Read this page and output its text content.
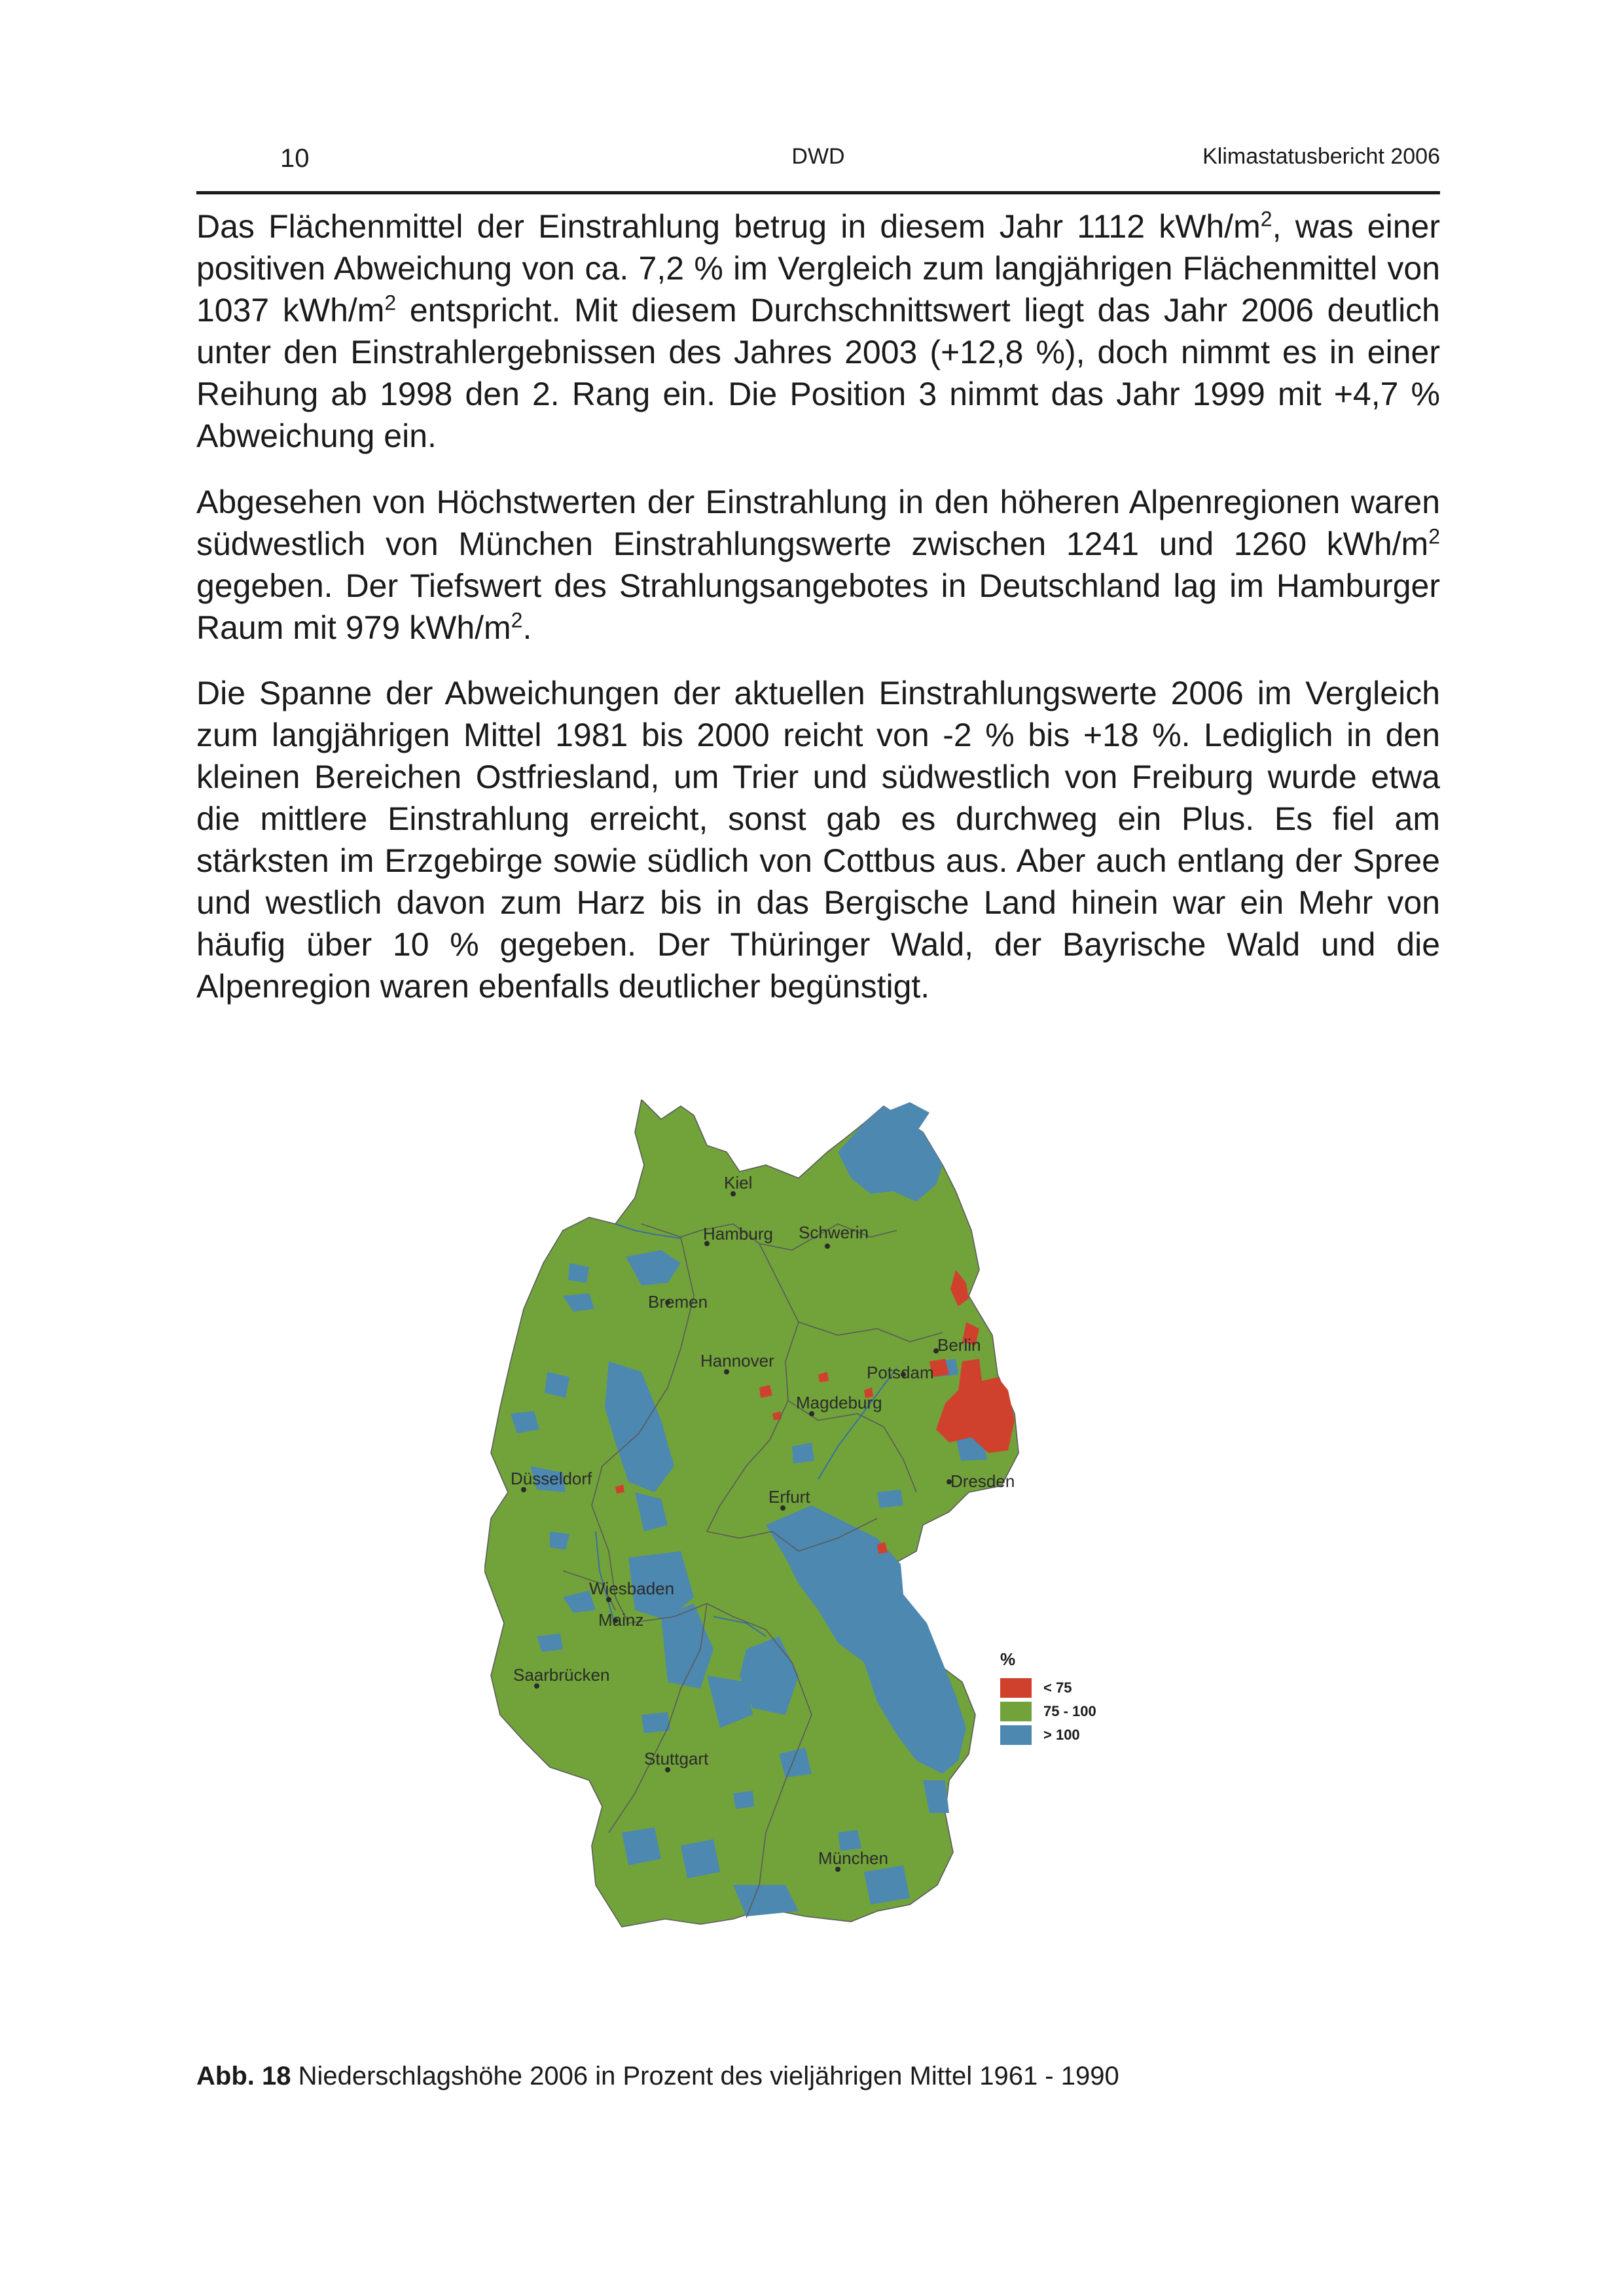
10	DWD	Klimastatusbericht 2006

Das Flächenmittel der Einstrahlung betrug in diesem Jahr 1112 kWh/$m^2$, was einer positiven Abweichung von ca. 7,2 % im Vergleich zum langjährigen Flächenmittel von 1037 kWh/$m^2$ entspricht. Mit diesem Durchschnittswert liegt das Jahr 2006 deutlich unter den Einstrahlergebnissen des Jahres 2003 (+12,8 %), doch nimmt es in einer Reihung ab 1998 den 2. Rang ein. Die Position 3 nimmt das Jahr 1999 mit +4,7 % Abweichung ein.

Abgesehen von Höchstwerten der Einstrahlung in den höheren Alpenregionen waren südwestlich von München Einstrahlungswerte zwischen 1241 und 1260 kWh/$m^2$ gegeben. Der Tiefswert des Strahlungsangebotes in Deutschland lag im Hamburger Raum mit 979 kWh/$m^2$.

Die Spanne der Abweichungen der aktuellen Einstrahlungswerte 2006 im Vergleich zum langjährigen Mittel 1981 bis 2000 reicht von -2 % bis +18 %. Lediglich in den kleinen Bereichen Ostfriesland, um Trier und südwestlich von Freiburg wurde etwa die mittlere Einstrahlung erreicht, sonst gab es durchweg ein Plus. Es fiel am stärksten im Erzgebirge sowie südlich von Cottbus aus. Aber auch entlang der Spree und westlich davon zum Harz bis in das Bergische Land hinein war ein Mehr von häufig über 10 % gegeben. Der Thüringer Wald, der Bayrische Wald und die Alpenregion waren ebenfalls deutlicher begünstigt.

Kiel
Hamburg	Schwerin
Bremen
Berlin
Potsdam
Hannover
Magdeburg
Düsseldorf
Erfurt
Dresden
Wiesbaden
Mainz
Saarbrücken
Stuttgart
München
%
< 75
75 - 100
> 100
Abb. 18 Niederschlagshöhe 2006 in Prozent des vieljährigen Mittel 1961 - 1990
